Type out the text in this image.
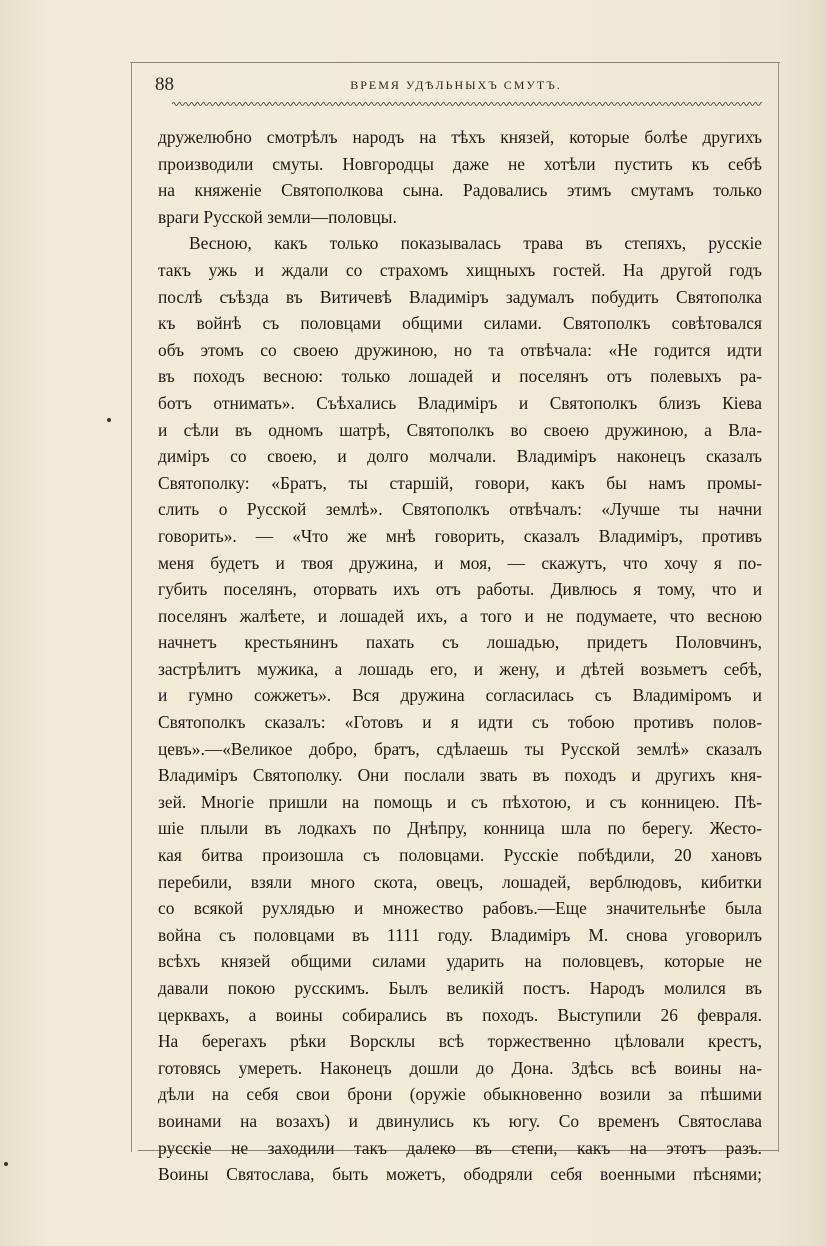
88	ВРЕМЯ УДѢЛЬНЫХЪ СМУТЪ.
дружелюбно смотрѣлъ народъ на тѣхъ князей, которые болѣе другихъ
производили смуты. Новгородцы даже не хотѣли пустить къ себѣ
на княженіе Святополкова сына. Радовались этимъ смутамъ только
враги Русской земли—половцы.
Весною, какъ только показывалась трава въ степяхъ, русскіе
такъ ужь и ждали со страхомъ хищныхъ гостей. На другой годъ
послѣ съѣзда въ Витичевѣ Владиміръ задумалъ побудить Святополка
къ войнѣ съ половцами общими силами. Святополкъ совѣтовался
объ этомъ со своею дружиною, но та отвѣчала: «Не годится идти
въ походъ весною: только лошадей и поселянъ отъ полевыхъ ра-
ботъ отнимать». Съѣхались Владиміръ и Святополкъ близъ Кіева
и сѣли въ одномъ шатрѣ, Святополкъ во своею дружиною, а Вла-
диміръ со своею, и долго молчали. Владиміръ наконецъ сказалъ
Святополку: «Братъ, ты старшій, говори, какъ бы намъ промы-
слить о Русской землѣ». Святополкъ отвѣчалъ: «Лучше ты начни
говорить». — «Что же мнѣ говорить, сказалъ Владиміръ, противъ
меня будетъ и твоя дружина, и моя, — скажутъ, что хочу я по-
губить поселянъ, оторвать ихъ отъ работы. Дивлюсь я тому, что и
поселянъ жалѣете, и лошадей ихъ, а того и не подумаете, что весною
начнетъ крестьянинъ пахать съ лошадью, придетъ Половчинъ,
застрѣлитъ мужика, а лошадь его, и жену, и дѣтей возьметъ себѣ,
и гумно сожжетъ». Вся дружина согласилась съ Владиміромъ и
Святополкъ сказалъ: «Готовъ и я идти съ тобою противъ полов-
цевъ».—«Великое добро, братъ, сдѣлаешь ты Русской землѣ» сказалъ
Владиміръ Святополку. Они послали звать въ походъ и другихъ кня-
зей. Многіе пришли на помощь и съ пѣхотою, и съ конницею. Пѣ-
шіе плыли въ лодкахъ по Днѣпру, конница шла по берегу. Жесто-
кая битва произошла съ половцами. Русскіе побѣдили, 20 хановъ
перебили, взяли много скота, овецъ, лошадей, верблюдовъ, кибитки
со всякой рухлядью и множество рабовъ.—Еще значительнѣе была
война съ половцами въ 1111 году. Владиміръ М. снова уговорилъ
всѣхъ князей общими силами ударить на половцевъ, которые не
давали покою русскимъ. Былъ великій постъ. Народъ молился въ
церквахъ, а воины собирались въ походъ. Выступили 26 февраля.
На берегахъ рѣки Ворсклы всѣ торжественно цѣловали крестъ,
готовясь умереть. Наконецъ дошли до Дона. Здѣсь всѣ воины на-
дѣли на себя свои брони (оружіе обыкновенно возили за пѣшими
воинами на возахъ) и двинулись къ югу. Со временъ Святослава
русскіе не заходили такъ далеко въ степи, какъ на этотъ разъ.
Воины Святослава, быть можетъ, ободряли себя военными пѣснями;
